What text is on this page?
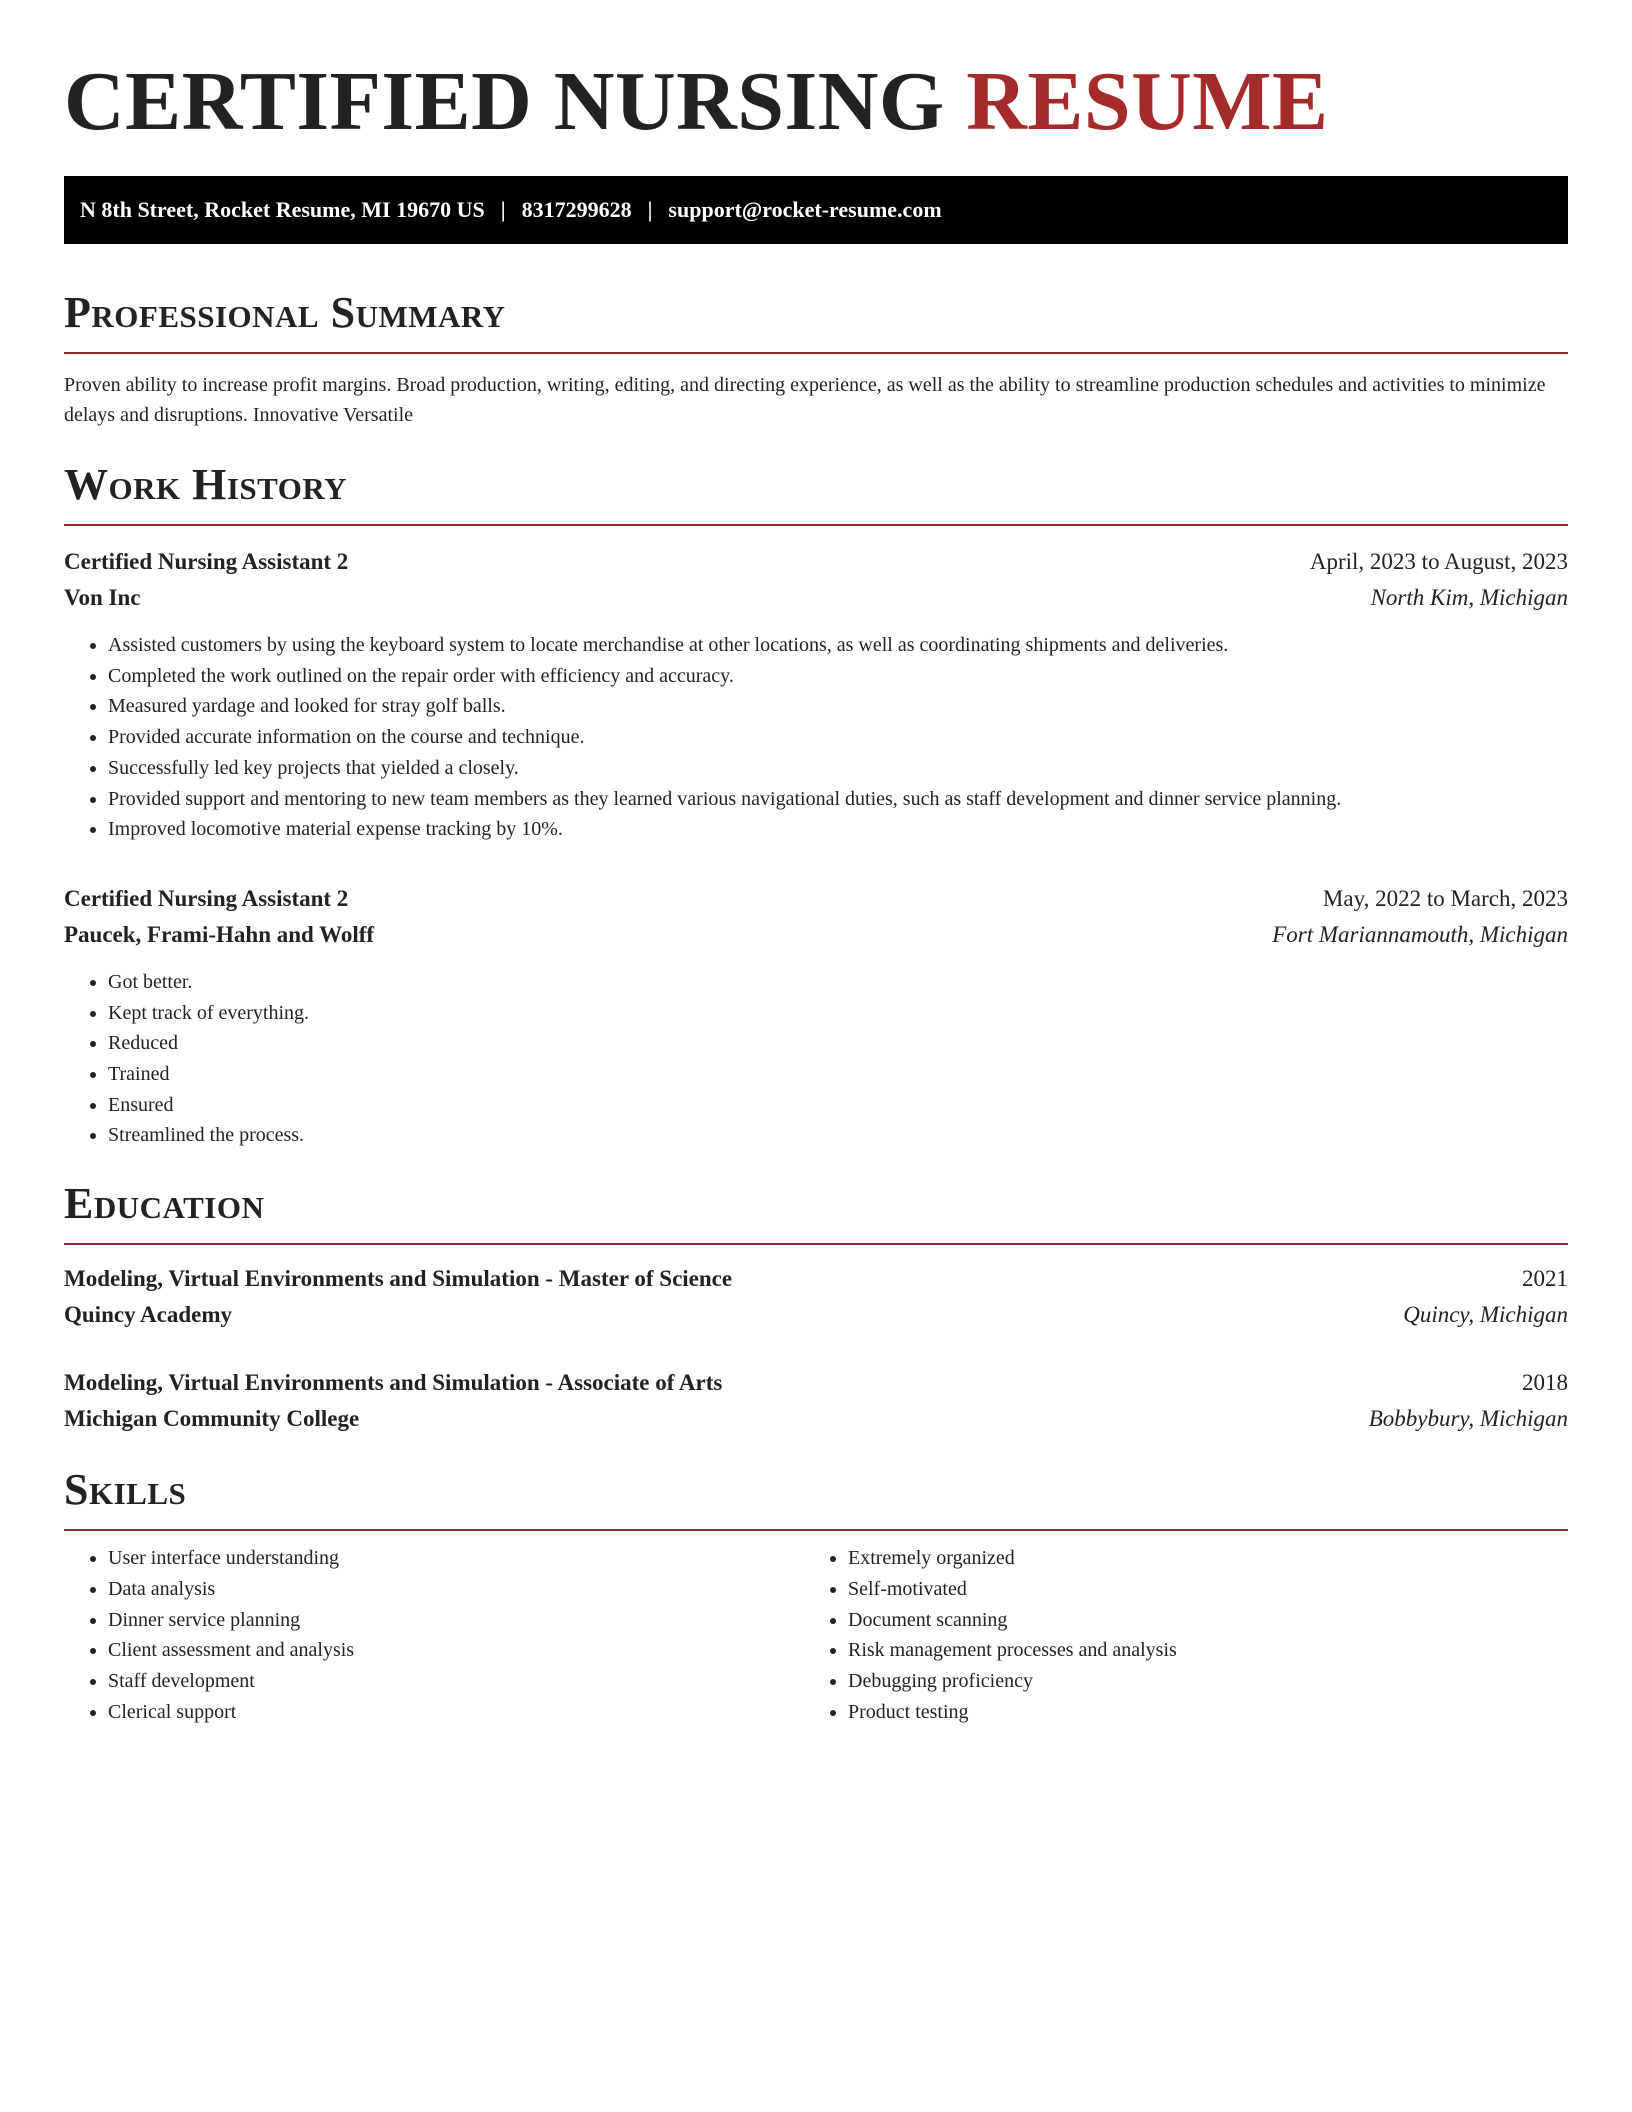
CERTIFIED NURSING RESUME
N 8th Street, Rocket Resume, MI 19670 US | 8317299628 | support@rocket-resume.com
Professional Summary

Proven ability to increase profit margins. Broad production, writing, editing, and directing experience, as well as the ability to streamline production schedules and activities to minimize delays and disruptions. Innovative Versatile

Work History
Certified Nursing Assistant 2	April, 2023 to August, 2023
Von Inc	North Kim, Michigan
• Assisted customers by using the keyboard system to locate merchandise at other locations, as well as coordinating shipments and deliveries.
• Completed the work outlined on the repair order with efficiency and accuracy.
• Measured yardage and looked for stray golf balls.
• Provided accurate information on the course and technique.
• Successfully led key projects that yielded a closely.
• Provided support and mentoring to new team members as they learned various navigational duties, such as staff development and dinner service planning.
• Improved locomotive material expense tracking by 10%.
Certified Nursing Assistant 2	May, 2022 to March, 2023
Paucek, Frami-Hahn and Wolff	Fort Mariannamouth, Michigan
• Got better.
• Kept track of everything.
• Reduced
• Trained
• Ensured
• Streamlined the process.
Education
Modeling, Virtual Environments and Simulation - Master of Science	2021
Quincy Academy	Quincy, Michigan
Modeling, Virtual Environments and Simulation - Associate of Arts	2018
Michigan Community College	Bobbybury, Michigan
Skills
• User interface understanding
• Data analysis
• Dinner service planning
• Client assessment and analysis
• Staff development
• Clerical support
• Extremely organized
• Self-motivated
• Document scanning
• Risk management processes and analysis
• Debugging proficiency
• Product testing
